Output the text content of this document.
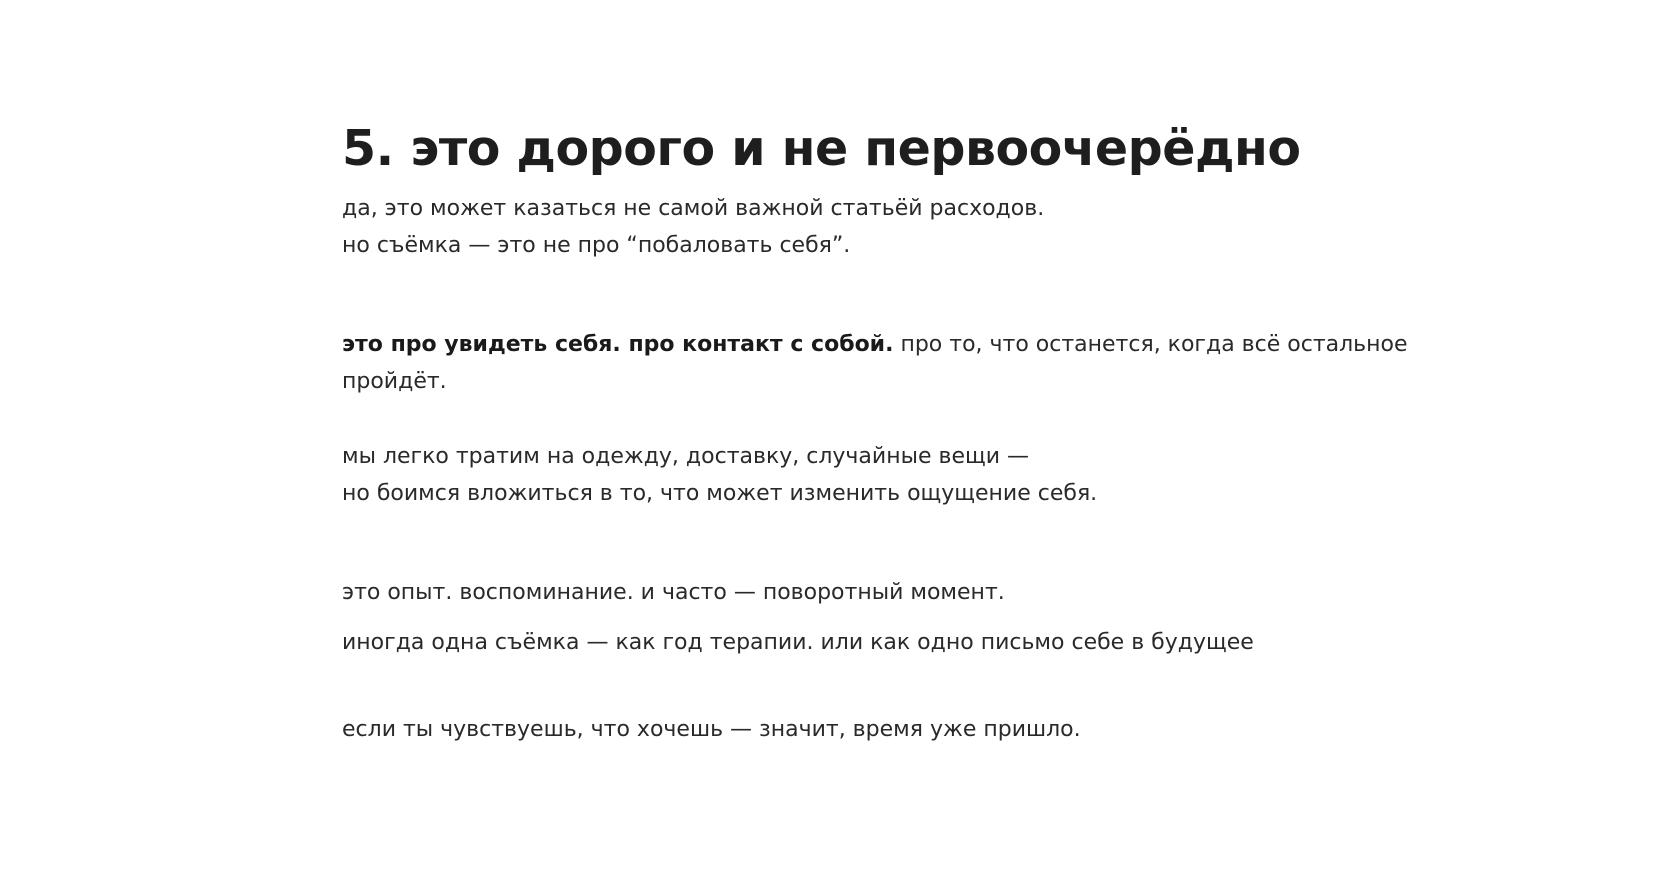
5. это дорого и не первоочерёдно

да, это может казаться не самой важной статьёй расходов.
но съёмка — это не про “побаловать себя”.

это про увидеть себя. про контакт с собой. про то, что останется, когда всё остальное
пройдёт.

мы легко тратим на одежду, доставку, случайные вещи —
но боимся вложиться в то, что может изменить ощущение себя.

это опыт. воспоминание. и часто — поворотный момент.

иногда одна съёмка — как год терапии. или как одно письмо себе в будущее

если ты чувствуешь, что хочешь — значит, время уже пришло.
